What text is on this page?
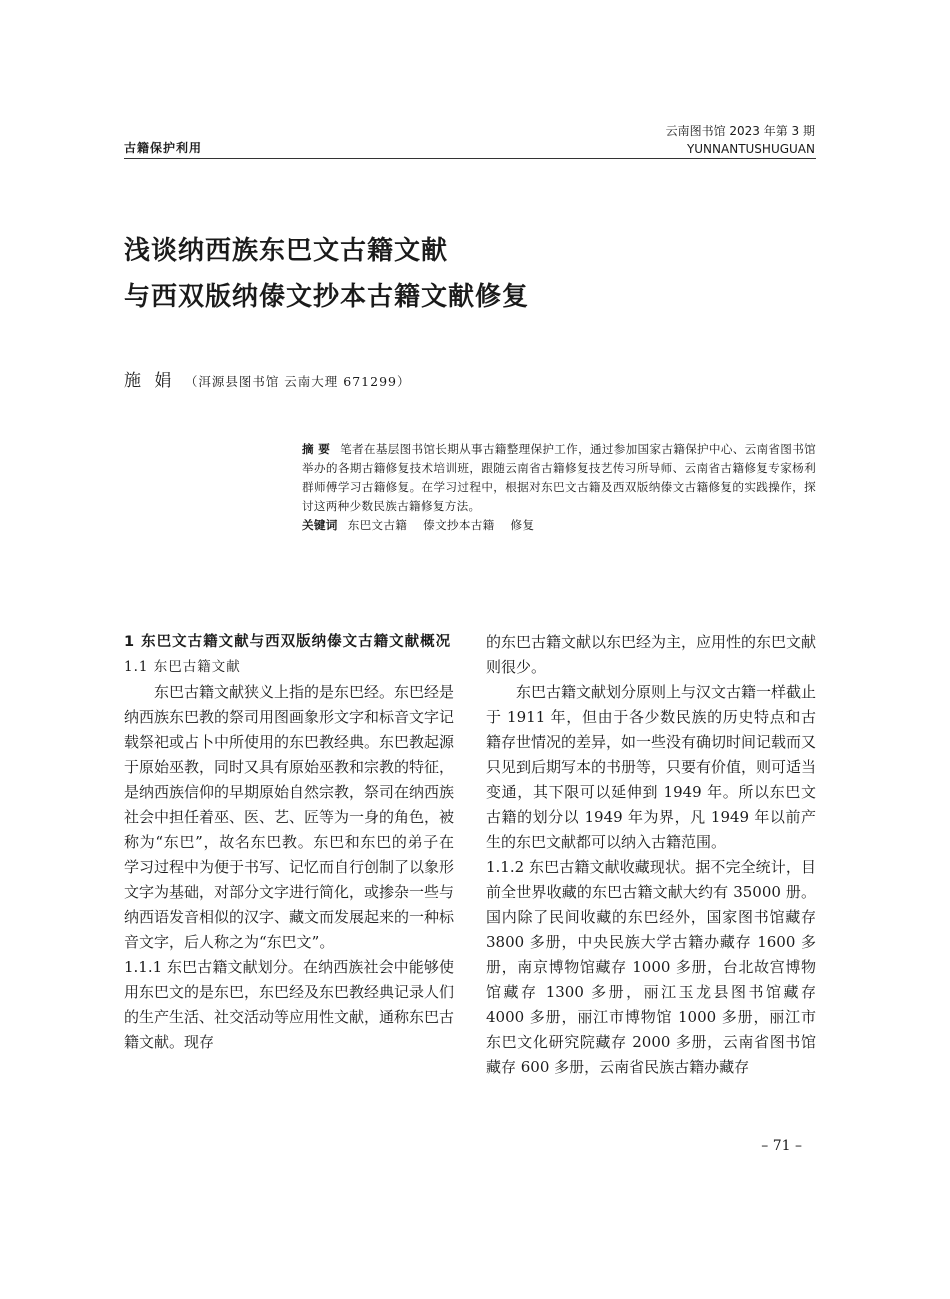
古籍保护利用
云南图书馆 2023 年第 3 期
YUNNANTUSHUGUAN
浅谈纳西族东巴文古籍文献
与西双版纳傣文抄本古籍文献修复
施 娟 （洱源县图书馆 云南大理 671299）
摘 要 笔者在基层图书馆长期从事古籍整理保护工作，通过参加国家古籍保护中心、云南省图书馆举办的各期古籍修复技术培训班，跟随云南省古籍修复技艺传习所导师、云南省古籍修复专家杨利群师傅学习古籍修复。在学习过程中，根据对东巴文古籍及西双版纳傣文古籍修复的实践操作，探讨这两种少数民族古籍修复方法。
关键词 东巴文古籍 傣文抄本古籍 修复

1 东巴文古籍文献与西双版纳傣文古籍文献概况

1.1 东巴古籍文献

东巴古籍文献狭义上指的是东巴经。东巴经是纳西族东巴教的祭司用图画象形文字和标音文字记载祭祀或占卜中所使用的东巴教经典。东巴教起源于原始巫教，同时又具有原始巫教和宗教的特征，是纳西族信仰的早期原始自然宗教，祭司在纳西族社会中担任着巫、医、艺、匠等为一身的角色，被称为“东巴”，故名东巴教。东巴和东巴的弟子在学习过程中为便于书写、记忆而自行创制了以象形文字为基础，对部分文字进行简化，或掺杂一些与纳西语发音相似的汉字、藏文而发展起来的一种标音文字，后人称之为“东巴文”。

1.1.1 东巴古籍文献划分。在纳西族社会中能够使用东巴文的是东巴，东巴经及东巴教经典记录人们的生产生活、社交活动等应用性文献，通称东巴古籍文献。现存

的东巴古籍文献以东巴经为主，应用性的东巴文献则很少。

东巴古籍文献划分原则上与汉文古籍一样截止于 1911 年，但由于各少数民族的历史特点和古籍存世情况的差异，如一些没有确切时间记载而又只见到后期写本的书册等，只要有价值，则可适当变通，其下限可以延伸到 1949 年。所以东巴文古籍的划分以 1949 年为界，凡 1949 年以前产生的东巴文献都可以纳入古籍范围。

1.1.2 东巴古籍文献收藏现状。据不完全统计，目前全世界收藏的东巴古籍文献大约有 35000 册。国内除了民间收藏的东巴经外，国家图书馆藏存 3800 多册，中央民族大学古籍办藏存 1600 多册，南京博物馆藏存 1000 多册，台北故宫博物馆藏存 1300 多册，丽江玉龙县图书馆藏存 4000 多册，丽江市博物馆 1000 多册，丽江市东巴文化研究院藏存 2000 多册，云南省图书馆藏存 600 多册，云南省民族古籍办藏存

– 71 –
